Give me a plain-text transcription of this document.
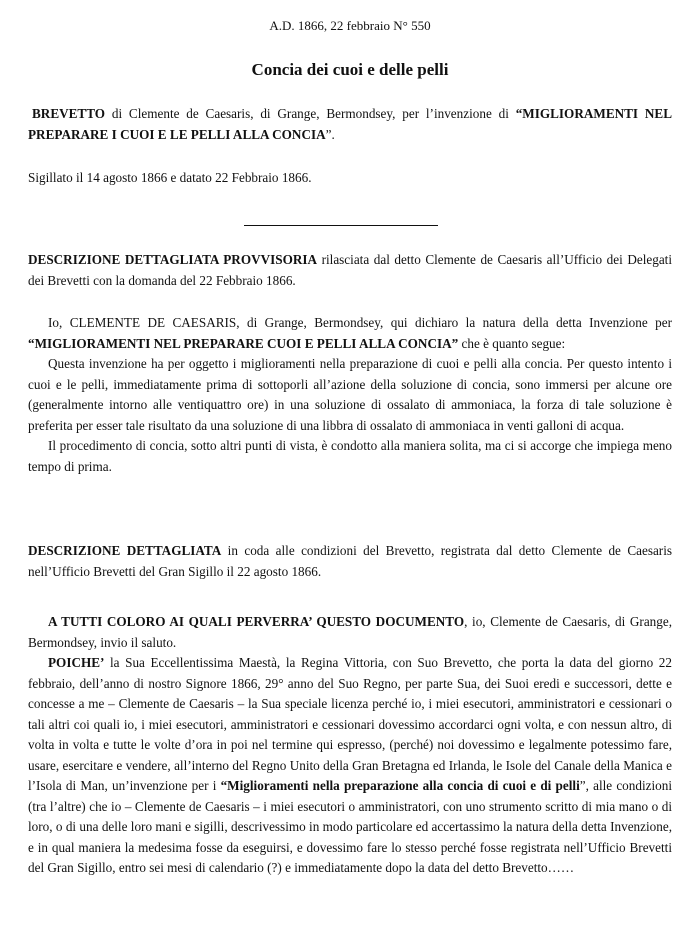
A.D. 1866, 22 febbraio N° 550
Concia dei cuoi e delle pelli

BREVETTO di Clemente de Caesaris, di Grange, Bermondsey, per l’invenzione di “MIGLIORAMENTI NEL PREPARARE I CUOI E LE PELLI ALLA CONCIA”.

Sigillato il 14 agosto 1866 e datato 22 Febbraio 1866.

DESCRIZIONE DETTAGLIATA PROVVISORIA rilasciata dal detto Clemente de Caesaris all’Ufficio dei Delegati dei Brevetti con la domanda del 22 Febbraio 1866.

Io, CLEMENTE DE CAESARIS, di Grange, Bermondsey, qui dichiaro la natura della detta Invenzione per “MIGLIORAMENTI NEL PREPARARE CUOI E PELLI ALLA CONCIA” che è quanto segue:

Questa invenzione ha per oggetto i miglioramenti nella preparazione di cuoi e pelli alla concia. Per questo intento i cuoi e le pelli, immediatamente prima di sottoporli all’azione della soluzione di concia, sono immersi per alcune ore (generalmente intorno alle ventiquattro ore) in una soluzione di ossalato di ammoniaca, la forza di tale soluzione è preferita per esser tale risultato da una soluzione di una libbra di ossalato di ammoniaca in venti galloni di acqua.

Il procedimento di concia, sotto altri punti di vista, è condotto alla maniera solita, ma ci si accorge che impiega meno tempo di prima.

DESCRIZIONE DETTAGLIATA in coda alle condizioni del Brevetto, registrata dal detto Clemente de Caesaris nell’Ufficio Brevetti del Gran Sigillo il 22 agosto 1866.

A TUTTI COLORO AI QUALI PERVERRA’ QUESTO DOCUMENTO, io, Clemente de Caesaris, di Grange, Bermondsey, invio il saluto.

POICHE’ la Sua Eccellentissima Maestà, la Regina Vittoria, con Suo Brevetto, che porta la data del giorno 22 febbraio, dell’anno di nostro Signore 1866, 29° anno del Suo Regno, per parte Sua, dei Suoi eredi e successori, dette e concesse a me – Clemente de Caesaris – la Sua speciale licenza perché io, i miei esecutori, amministratori e cessionari o tali altri coi quali io, i miei esecutori, amministratori e cessionari dovessimo accordarci ogni volta, e con nessun altro, di volta in volta e tutte le volte d’ora in poi nel termine qui espresso, (perché) noi dovessimo e legalmente potessimo fare, usare, esercitare e vendere, all’interno del Regno Unito della Gran Bretagna ed Irlanda, le Isole del Canale della Manica e l’Isola di Man, un’invenzione per i “Miglioramenti nella preparazione alla concia di cuoi e di pelli”, alle condizioni (tra l’altre) che io – Clemente de Caesaris – i miei esecutori o amministratori, con uno strumento scritto di mia mano o di loro, o di una delle loro mani e sigilli, descrivessimo in modo particolare ed accertassimo la natura della detta Invenzione, e in qual maniera la medesima fosse da eseguirsi, e dovessimo fare lo stesso perché fosse registrata nell’Ufficio Brevetti del Gran Sigillo, entro sei mesi di calendario (?) e immediatamente dopo la data del detto Brevetto……
